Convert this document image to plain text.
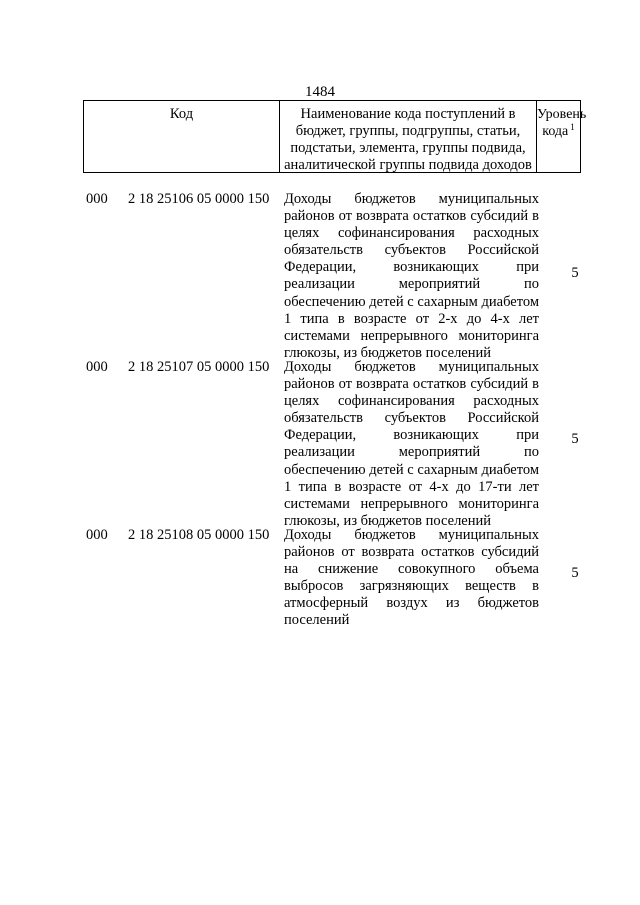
1484
Код	Наименование кода поступлений в бюджет, группы, подгруппы, статьи, подстатьи, элемента, группы подвида, аналитической группы подвида доходов
Уровень кода $^1$
000 2 18 25106 05 0000 150 Доходы бюджетов муниципальных районов от возврата остатков субсидий в целях софинансирования расходных обязательств субъектов Российской Федерации, возникающих при реализации мероприятий по обеспечению детей с сахарным диабетом 1 типа в возрасте от 2-х до 4-х лет системами непрерывного мониторинга глюкозы, из бюджетов поселений
5
000 2 18 25107 05 0000 150 Доходы бюджетов муниципальных районов от возврата остатков субсидий в целях софинансирования расходных обязательств субъектов Российской Федерации, возникающих при реализации мероприятий по обеспечению детей с сахарным диабетом 1 типа в возрасте от 4-х до 17-ти лет системами непрерывного мониторинга глюкозы, из бюджетов поселений
5
000 2 18 25108 05 0000 150 Доходы бюджетов муниципальных районов от возврата остатков субсидий на снижение совокупного объема выбросов загрязняющих веществ в атмосферный воздух из бюджетов поселений
5
